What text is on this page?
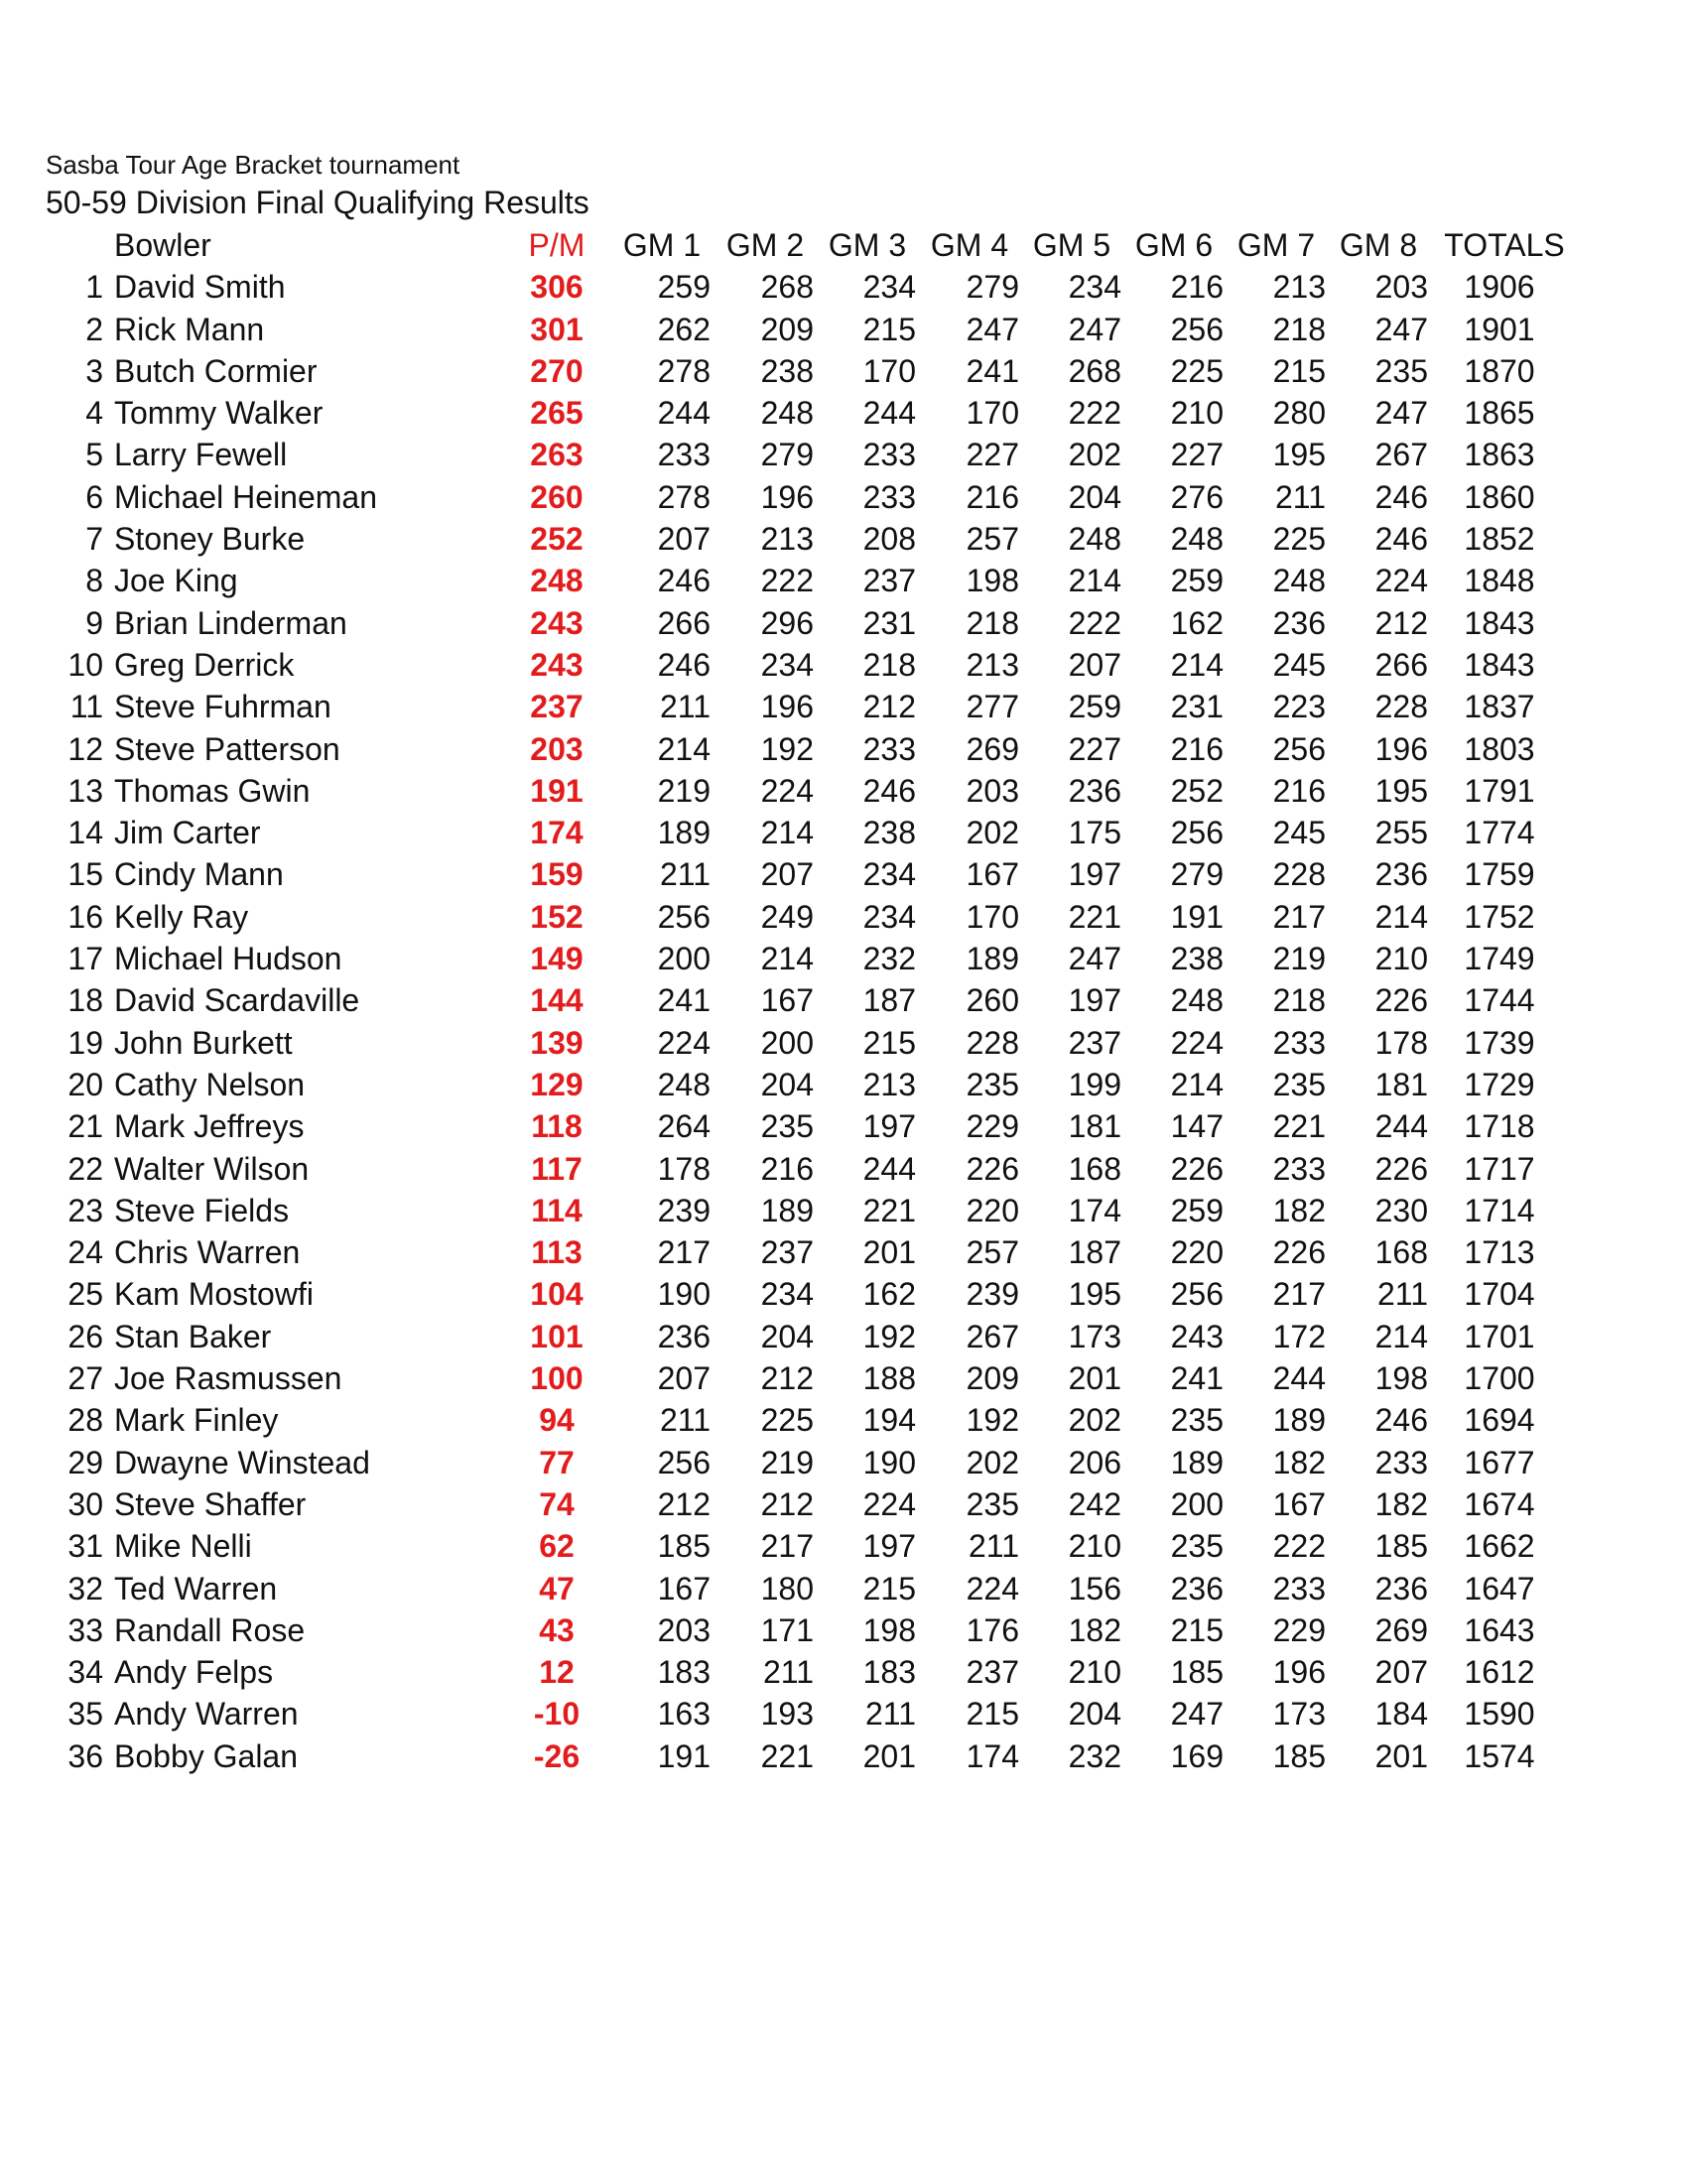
Sasba Tour Age Bracket tournament
50-59 Division Final Qualifying Results
Bowler	P/M	GM 1 GM 2 GM 3 GM 4 GM 5 GM 6 GM 7 GM 8 TOTALS
1 David Smith	306	259	268	234	279	234	216	213	203	1906
2 Rick Mann	301	262	209	215	247	247	256	218	247	1901
3 Butch Cormier	270	278	238	170	241	268	225	215	235	1870
4 Tommy Walker	265	244	248	244	170	222	210	280	247	1865
5 Larry Fewell	263	233	279	233	227	202	227	195	267	1863
6 Michael Heineman	260	278	196	233	216	204	276	211	246	1860
7 Stoney Burke	252	207	213	208	257	248	248	225	246	1852
8 Joe King	248	246	222	237	198	214	259	248	224	1848
9 Brian Linderman	243	266	296	231	218	222	162	236	212	1843
10 Greg Derrick	243	246	234	218	213	207	214	245	266	1843
11 Steve Fuhrman	237	211	196	212	277	259	231	223	228	1837
12 Steve Patterson	203	214	192	233	269	227	216	256	196	1803
13 Thomas Gwin	191	219	224	246	203	236	252	216	195	1791
14 Jim Carter	174	189	214	238	202	175	256	245	255	1774
15 Cindy Mann	159	211	207	234	167	197	279	228	236	1759
16 Kelly Ray	152	256	249	234	170	221	191	217	214	1752
17 Michael Hudson	149	200	214	232	189	247	238	219	210	1749
18 David Scardaville	144	241	167	187	260	197	248	218	226	1744
19 John Burkett	139	224	200	215	228	237	224	233	178	1739
20 Cathy Nelson	129	248	204	213	235	199	214	235	181	1729
21 Mark Jeffreys	118	264	235	197	229	181	147	221	244	1718
22 Walter Wilson	117	178	216	244	226	168	226	233	226	1717
23 Steve Fields	114	239	189	221	220	174	259	182	230	1714
24 Chris Warren	113	217	237	201	257	187	220	226	168	1713
25 Kam Mostowfi	104	190	234	162	239	195	256	217	211	1704
26 Stan Baker	101	236	204	192	267	173	243	172	214	1701
27 Joe Rasmussen	100	207	212	188	209	201	241	244	198	1700
28 Mark Finley	94	211	225	194	192	202	235	189	246	1694
29 Dwayne Winstead	77	256	219	190	202	206	189	182	233	1677
30 Steve Shaffer	74	212	212	224	235	242	200	167	182	1674
31 Mike Nelli	62	185	217	197	211	210	235	222	185	1662
32 Ted Warren	47	167	180	215	224	156	236	233	236	1647
33 Randall Rose	43	203	171	198	176	182	215	229	269	1643
34 Andy Felps	12	183	211	183	237	210	185	196	207	1612
35 Andy Warren	-10	163	193	211	215	204	247	173	184	1590
36 Bobby Galan	-26	191	221	201	174	232	169	185	201	1574
